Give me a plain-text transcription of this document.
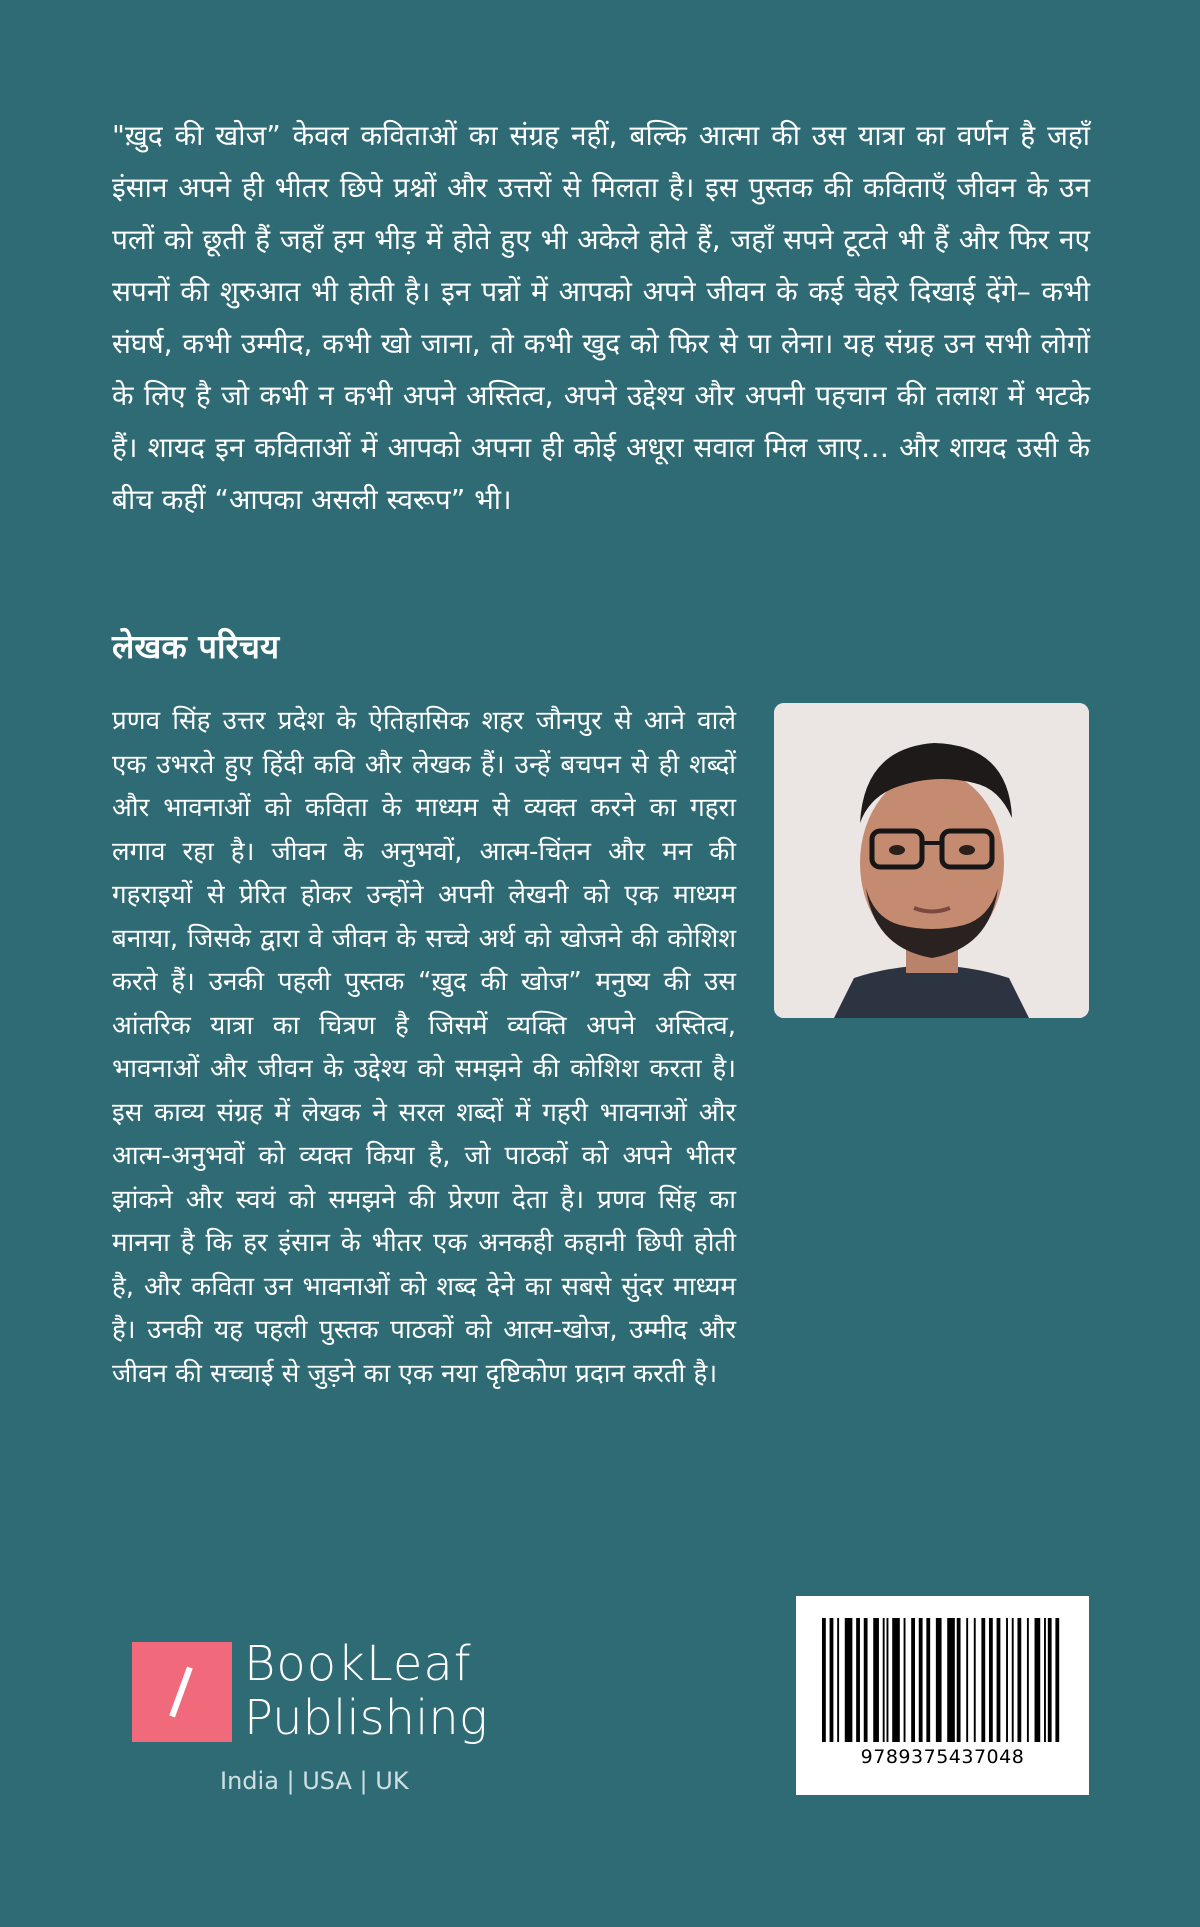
"ख़ुद की खोज” केवल कविताओं का संग्रह नहीं, बल्कि आत्मा की उस यात्रा का वर्णन है जहाँ इंसान अपने ही भीतर छिपे प्रश्नों और उत्तरों से मिलता है। इस पुस्तक की कविताएँ जीवन के उन पलों को छूती हैं जहाँ हम भीड़ में होते हुए भी अकेले होते हैं, जहाँ सपने टूटते भी हैं और फिर नए सपनों की शुरुआत भी होती है। इन पन्नों में आपको अपने जीवन के कई चेहरे दिखाई देंगे– कभी संघर्ष, कभी उम्मीद, कभी खो जाना, तो कभी खुद को फिर से पा लेना। यह संग्रह उन सभी लोगों के लिए है जो कभी न कभी अपने अस्तित्व, अपने उद्देश्य और अपनी पहचान की तलाश में भटके हैं। शायद इन कविताओं में आपको अपना ही कोई अधूरा सवाल मिल जाए… और शायद उसी के बीच कहीं “आपका असली स्वरूप” भी।

लेखक परिचय

प्रणव सिंह उत्तर प्रदेश के ऐतिहासिक शहर जौनपुर से आने वाले एक उभरते हुए हिंदी कवि और लेखक हैं। उन्हें बचपन से ही शब्दों और भावनाओं को कविता के माध्यम से व्यक्त करने का गहरा लगाव रहा है। जीवन के अनुभवों, आत्म-चिंतन और मन की गहराइयों से प्रेरित होकर उन्होंने अपनी लेखनी को एक माध्यम बनाया, जिसके द्वारा वे जीवन के सच्चे अर्थ को खोजने की कोशिश करते हैं। उनकी पहली पुस्तक “ख़ुद की खोज” मनुष्य की उस आंतरिक यात्रा का चित्रण है जिसमें व्यक्ति अपने अस्तित्व, भावनाओं और जीवन के उद्देश्य को समझने की कोशिश करता है। इस काव्य संग्रह में लेखक ने सरल शब्दों में गहरी भावनाओं और आत्म-अनुभवों को व्यक्त किया है, जो पाठकों को अपने भीतर झांकने और स्वयं को समझने की प्रेरणा देता है। प्रणव सिंह का मानना है कि हर इंसान के भीतर एक अनकही कहानी छिपी होती है, और कविता उन भावनाओं को शब्द देने का सबसे सुंदर माध्यम है। उनकी यह पहली पुस्तक पाठकों को आत्म-खोज, उम्मीद और जीवन की सच्चाई से जुड़ने का एक नया दृष्टिकोण प्रदान करती है।

BookLeaf
Publishing
India | USA | UK
9789375437048
